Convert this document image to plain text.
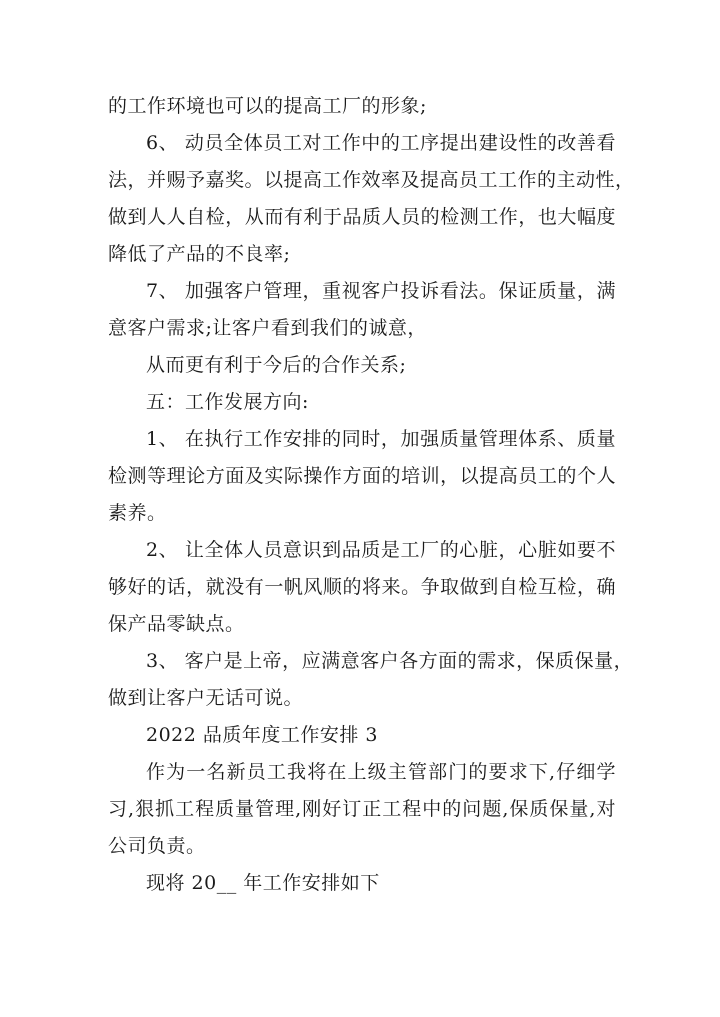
的工作环境也可以的提高工厂的形象;
6、 动员全体员工对工作中的工序提出建设性的改善看
法，并赐予嘉奖。以提高工作效率及提高员工工作的主动性，
做到人人自检，从而有利于品质人员的检测工作，也大幅度
降低了产品的不良率;
7、 加强客户管理，重视客户投诉看法。保证质量，满
意客户需求;让客户看到我们的诚意，
从而更有利于今后的合作关系;
五：工作发展方向:
1、 在执行工作安排的同时，加强质量管理体系、质量
检测等理论方面及实际操作方面的培训，以提高员工的个人
素养。
2、 让全体人员意识到品质是工厂的心脏，心脏如要不
够好的话，就没有一帆风顺的将来。争取做到自检互检，确
保产品零缺点。
3、 客户是上帝，应满意客户各方面的需求，保质保量，
做到让客户无话可说。
2022 品质年度工作安排 3
作为一名新员工我将在上级主管部门的要求下,仔细学
习,狠抓工程质量管理,刚好订正工程中的问题,保质保量,对
公司负责。
现将 20__ 年工作安排如下
